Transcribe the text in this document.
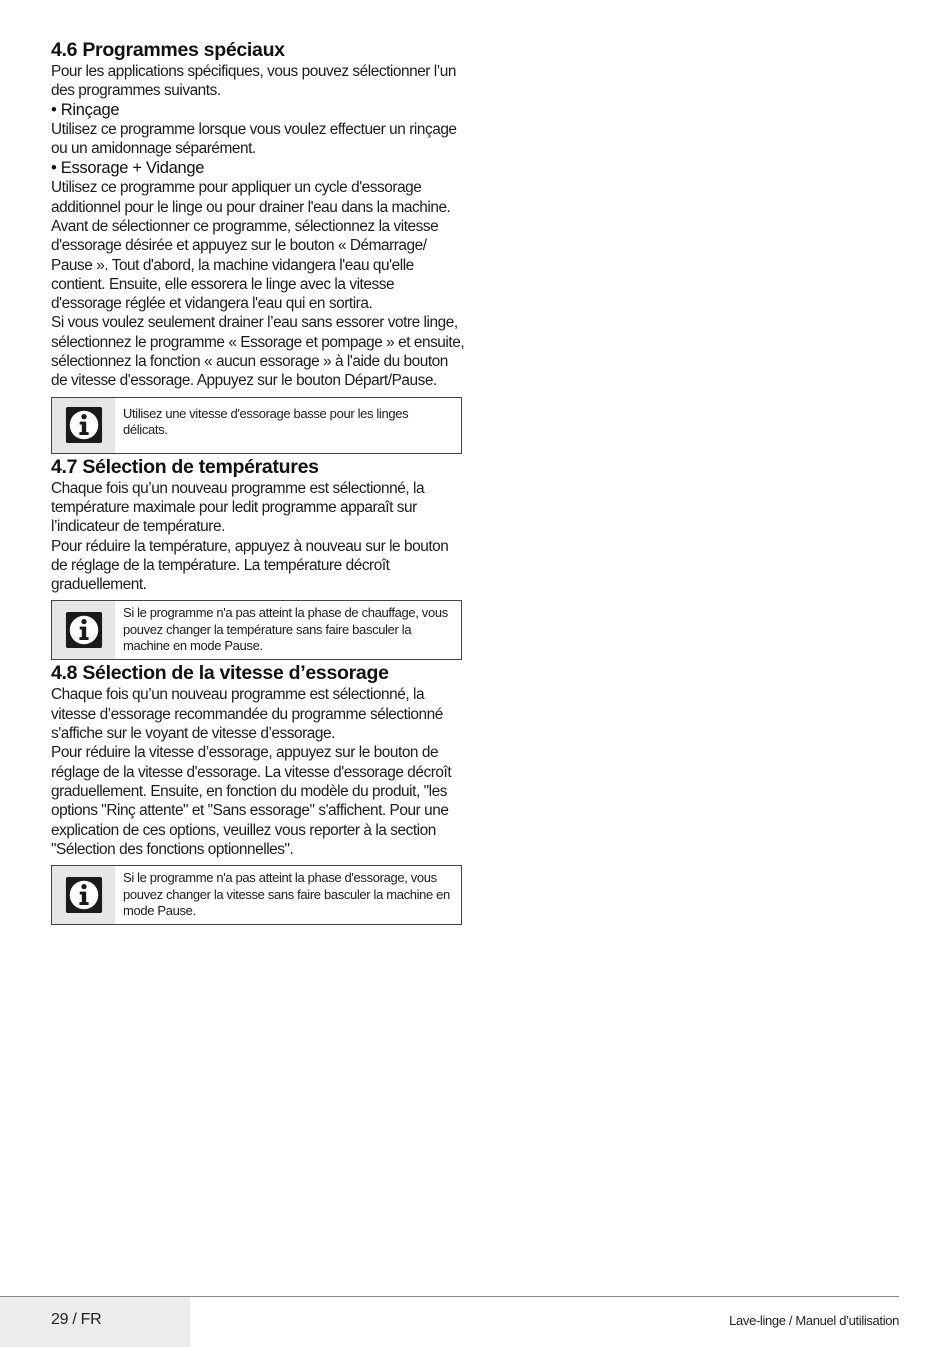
4.6 Programmes spéciaux

Pour les applications spécifiques, vous pouvez sélectionner l’un des programmes suivants.

• Rinçage

Utilisez ce programme lorsque vous voulez effectuer un rinçage ou un amidonnage séparément.

• Essorage + Vidange

Utilisez ce programme pour appliquer un cycle d'essorage additionnel pour le linge ou pour drainer l'eau dans la machine.

Avant de sélectionner ce programme, sélectionnez la vitesse d'essorage désirée et appuyez sur le bouton « Démarrage/ Pause ». Tout d'abord, la machine vidangera l'eau qu'elle contient. Ensuite, elle essorera le linge avec la vitesse d'essorage réglée et vidangera l'eau qui en sortira.

Si vous voulez seulement drainer l’eau sans essorer votre linge, sélectionnez le programme « Essorage et pompage » et ensuite, sélectionnez la fonction « aucun essorage » à l'aide du bouton de vitesse d'essorage. Appuyez sur le bouton Départ/Pause.

Utilisez une vitesse d'essorage basse pour les linges délicats.
4.7 Sélection de températures

Chaque fois qu’un nouveau programme est sélectionné, la température maximale pour ledit programme apparaît sur l’indicateur de température.

Pour réduire la température, appuyez à nouveau sur le bouton de réglage de la température. La température décroît graduellement.

Si le programme n'a pas atteint la phase de chauffage, vous pouvez changer la température sans faire basculer la machine en mode Pause.
4.8 Sélection de la vitesse d’essorage

Chaque fois qu’un nouveau programme est sélectionné, la vitesse d’essorage recommandée du programme sélectionné s'affiche sur le voyant de vitesse d’essorage.

Pour réduire la vitesse d’essorage, appuyez sur le bouton de réglage de la vitesse d'essorage. La vitesse d'essorage décroît graduellement. Ensuite, en fonction du modèle du produit, "les options "Rinç attente" et "Sans essorage" s'affichent. Pour une explication de ces options, veuillez vous reporter à la section "Sélection des fonctions optionnelles".

Si le programme n'a pas atteint la phase d'essorage, vous pouvez changer la vitesse sans faire basculer la machine en mode Pause.
29 / FR	Lave-linge / Manuel d’utilisation
